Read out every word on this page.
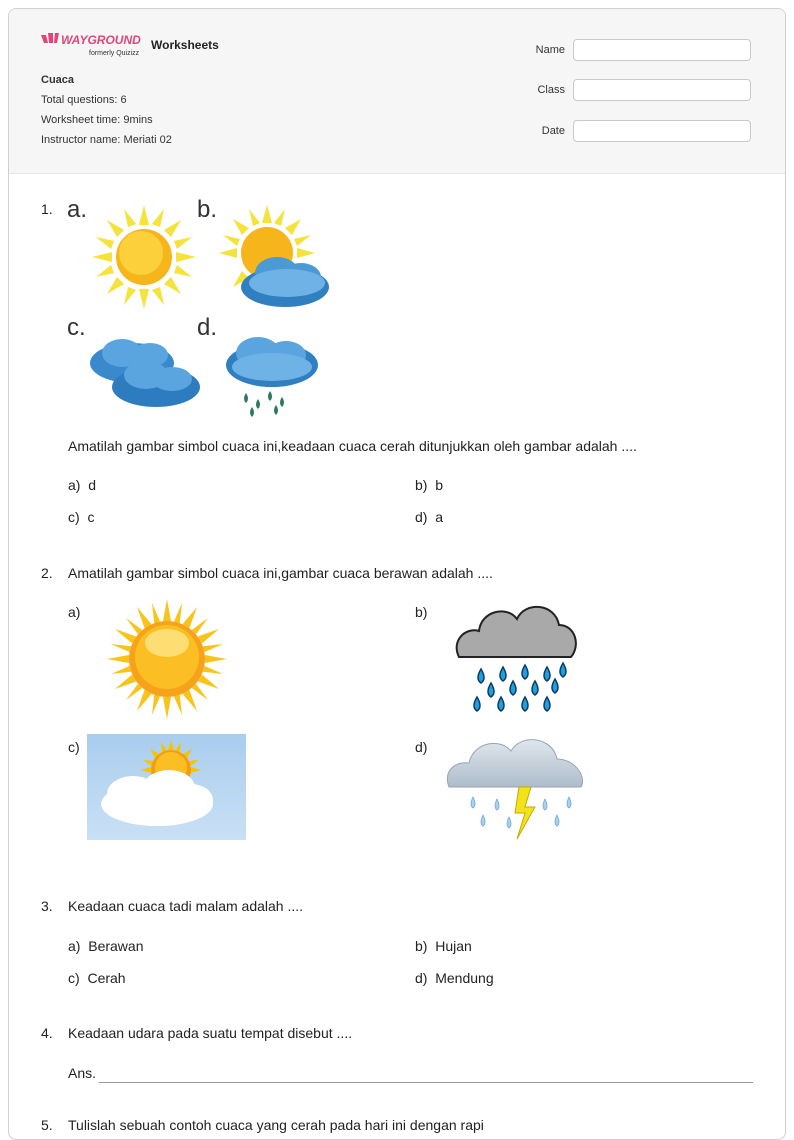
WAYGROUND
formerly Quizizz
Worksheets
Cuaca
Total questions: 6
Worksheet time: 9mins
Instructor name: Meriati 02
Name
Class
Date
1. a.	b.
c.	d.
Amatilah gambar simbol cuaca ini,keadaan cuaca cerah ditunjukkan oleh gambar adalah ....
a) d	b) b
c) c	d) a
2. Amatilah gambar simbol cuaca ini,gambar cuaca berawan adalah ....
a)	b)
c)	d)
3. Keadaan cuaca tadi malam adalah ....
a) Berawan	b) Hujan
c) Cerah	d) Mendung
4. Keadaan udara pada suatu tempat disebut ....
Ans.
5. Tulislah sebuah contoh cuaca yang cerah pada hari ini dengan rapi
